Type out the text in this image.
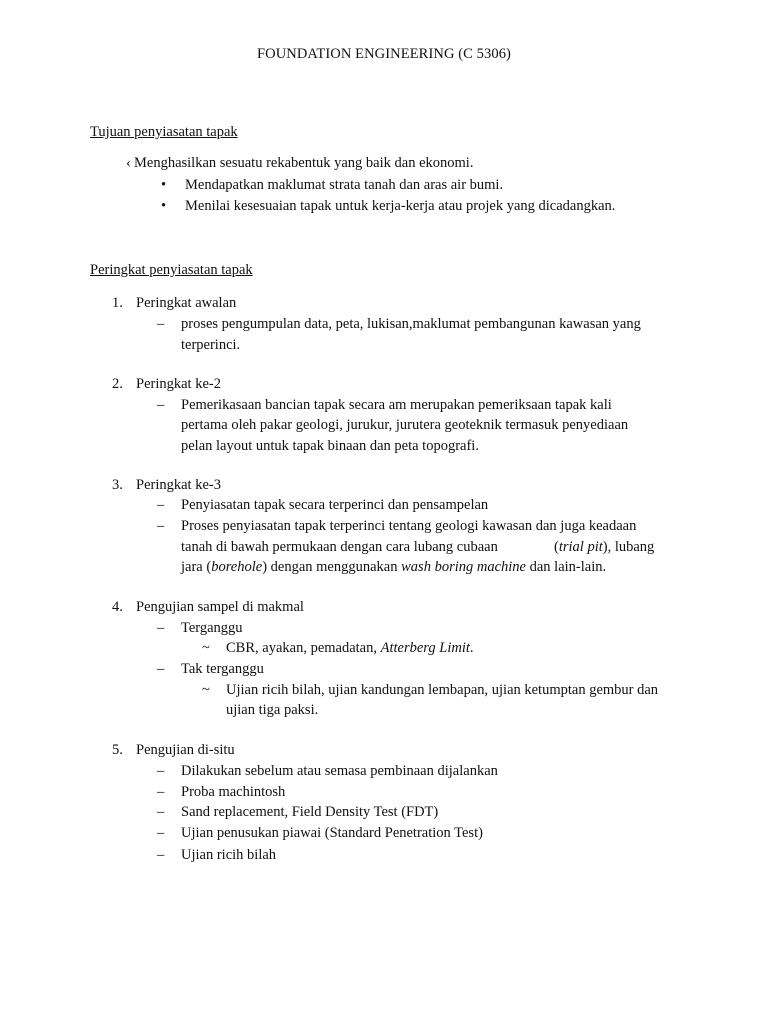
FOUNDATION ENGINEERING (C 5306)
Tujuan penyiasatan tapak
‹ Menghasilkan sesuatu rekabentuk yang baik dan ekonomi.
• Mendapatkan maklumat strata tanah dan aras air bumi.
• Menilai kesesuaian tapak untuk kerja-kerja atau projek yang dicadangkan.
Peringkat penyiasatan tapak
1. Peringkat awalan
– proses pengumpulan data, peta, lukisan,maklumat pembangunan kawasan yang
terperinci.
2. Peringkat ke-2
– Pemerikasaan bancian tapak secara am merupakan pemeriksaan tapak kali
pertama oleh pakar geologi, jurukur, jurutera geoteknik termasuk penyediaan
pelan layout untuk tapak binaan dan peta topografi.
3. Peringkat ke-3
– Penyiasatan tapak secara terperinci dan pensampelan
– Proses penyiasatan tapak terperinci tentang geologi kawasan dan juga keadaan
tanah di bawah permukaan dengan cara lubang cubaan	(trial pit), lubang
jara (borehole) dengan menggunakan wash boring machine dan lain-lain.
4. Pengujian sampel di makmal
– Terganggu
~ CBR, ayakan, pemadatan, Atterberg Limit.
– Tak terganggu
~ Ujian ricih bilah, ujian kandungan lembapan, ujian ketumptan gembur dan
ujian tiga paksi.
5. Pengujian di-situ
– Dilakukan sebelum atau semasa pembinaan dijalankan
– Proba machintosh
– Sand replacement, Field Density Test (FDT)
– Ujian penusukan piawai (Standard Penetration Test)
– Ujian ricih bilah
